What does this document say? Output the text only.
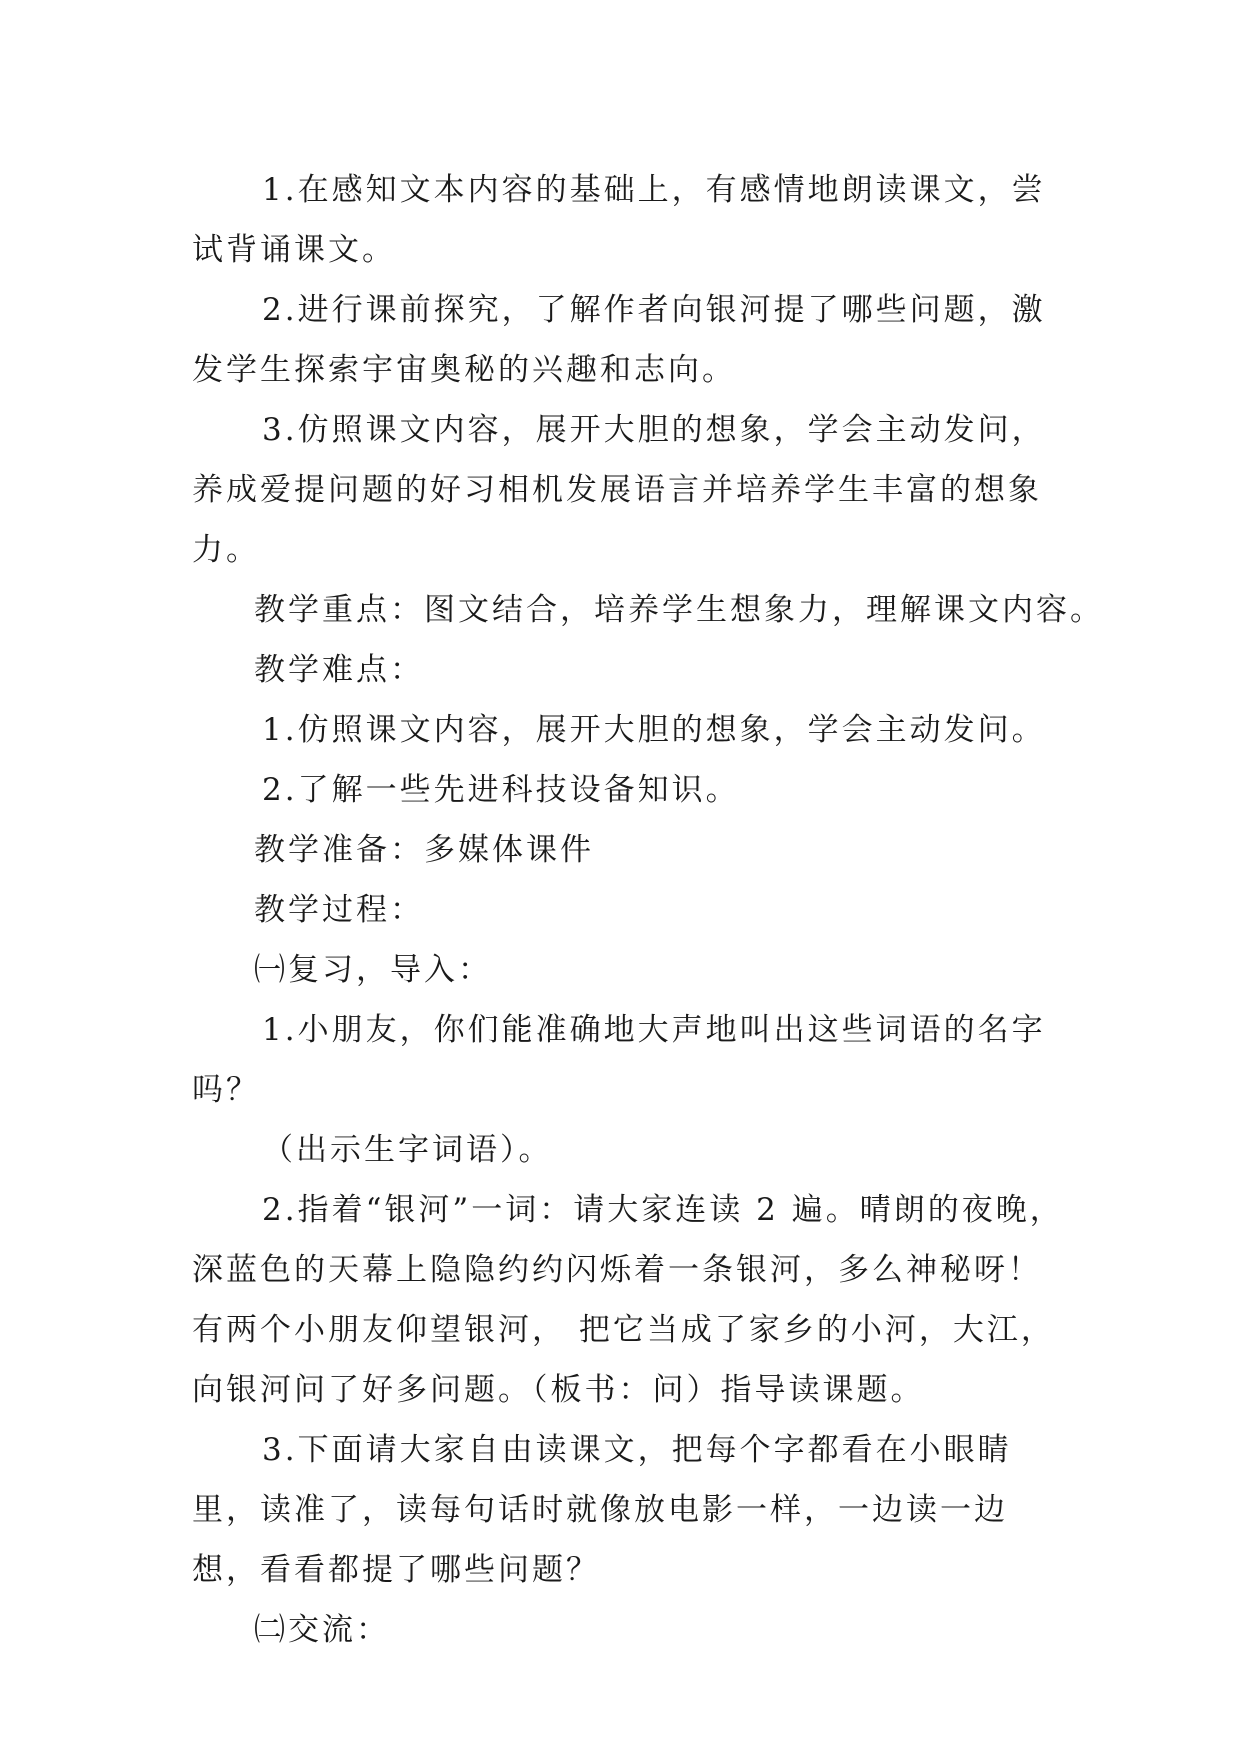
1.在感知文本内容的基础上，有感情地朗读课文，尝试背诵课文。

2.进行课前探究，了解作者向银河提了哪些问题，激发学生探索宇宙奥秘的兴趣和志向。

3.仿照课文内容，展开大胆的想象，学会主动发问，养成爱提问题的好习相机发展语言并培养学生丰富的想象力。

教学重点：图文结合，培养学生想象力，理解课文内容。

教学难点：

1.仿照课文内容，展开大胆的想象，学会主动发问。

2.了解一些先进科技设备知识。

教学准备：多媒体课件

教学过程：

㈠复习，导入：

1.小朋友，你们能准确地大声地叫出这些词语的名字吗？

（出示生字词语）。

2.指着“银河”一词：请大家连读 2 遍。晴朗的夜晚，深蓝色的天幕上隐隐约约闪烁着一条银河，多么神秘呀！有两个小朋友仰望银河， 把它当成了家乡的小河，大江，向银河问了好多问题。（板书：问）指导读课题。

3.下面请大家自由读课文，把每个字都看在小眼睛里，读准了，读每句话时就像放电影一样，一边读一边想，看看都提了哪些问题？

㈡交流：
